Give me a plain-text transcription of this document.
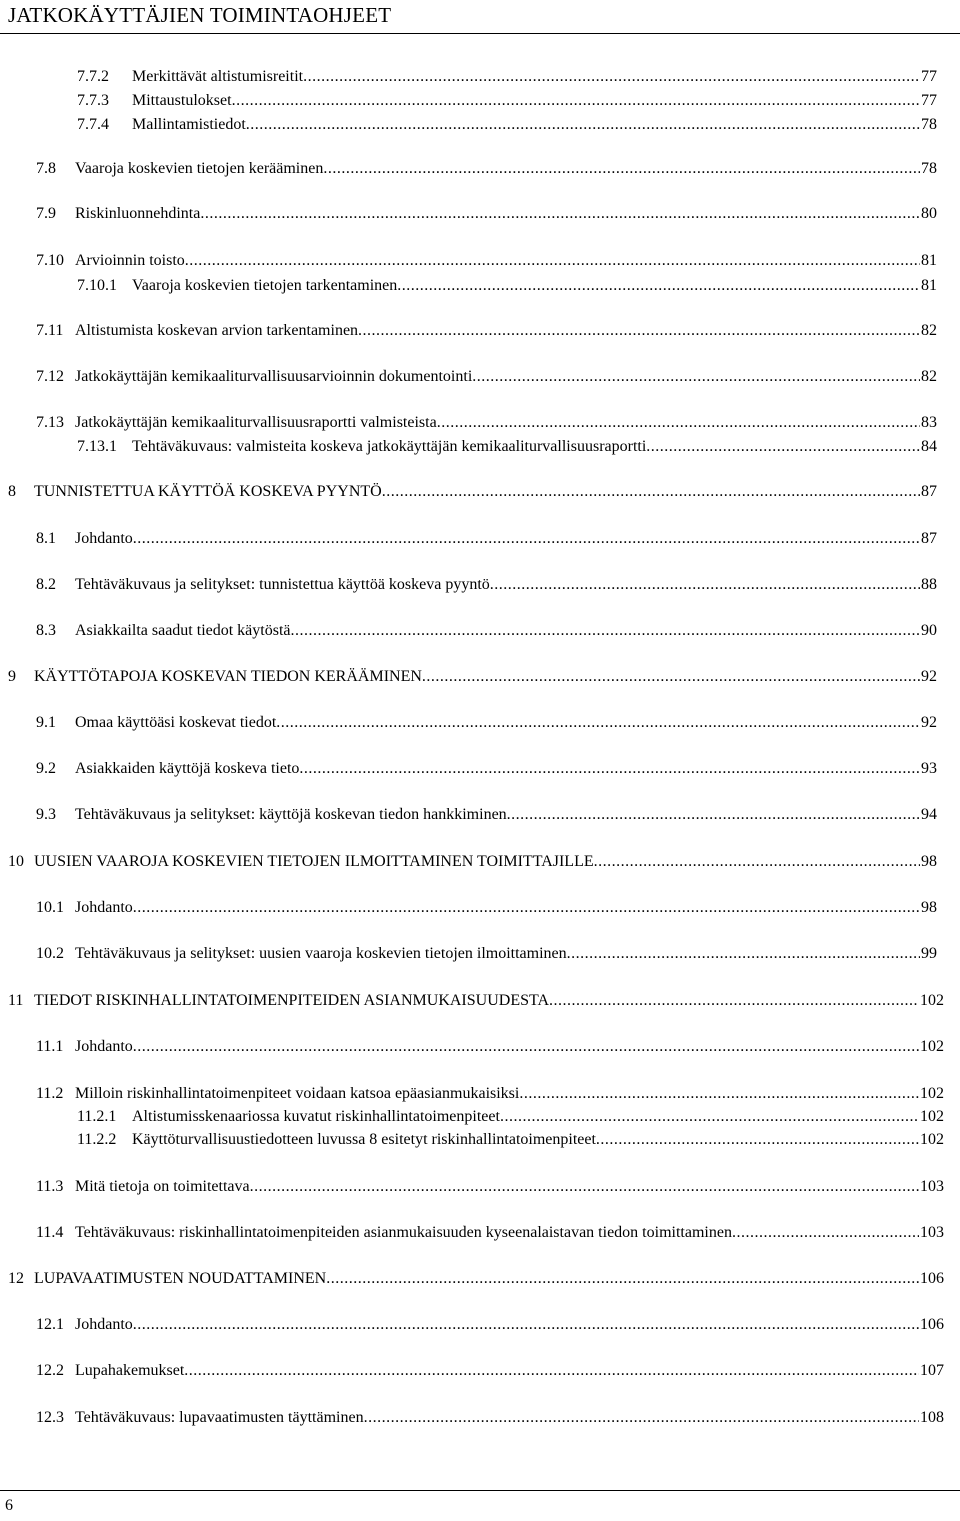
JATKOKÄYTTÄJIEN TOIMINTAOHJEET
7.7.2	Merkittävät altistumisreitit .....	77
7.7.3	Mittaustulokset .....	77
7.7.4	Mallintamistiedot .....	78
7.8	Vaaroja koskevien tietojen kerääminen .....	78
7.9	Riskinluonnehdinta .....	80
7.10 Arvioinnin toisto .....	81
7.10.1 Vaaroja koskevien tietojen tarkentaminen .....	81
7.11 Altistumista koskevan arvion tarkentaminen .....	82
7.12 Jatkokäyttäjän kemikaaliturvallisuusarvioinnin dokumentointi .....	82
7.13 Jatkokäyttäjän kemikaaliturvallisuusraportti valmisteista .....	83
7.13.1 Tehtäväkuvaus: valmisteita koskeva jatkokäyttäjän kemikaaliturvallisuusraportti .....	84
8	TUNNISTETTUA KÄYTTÖÄ KOSKEVA PYYNTÖ .....	87
8.1	Johdanto .....	87
8.2	Tehtäväkuvaus ja selitykset: tunnistettua käyttöä koskeva pyyntö .....	88
8.3	Asiakkailta saadut tiedot käytöstä .....	90
9	KÄYTTÖTAPOJA KOSKEVAN TIEDON KERÄÄMINEN .....	92
9.1	Omaa käyttöäsi koskevat tiedot .....	92
9.2	Asiakkaiden käyttöjä koskeva tieto .....	93
9.3	Tehtäväkuvaus ja selitykset: käyttöjä koskevan tiedon hankkiminen .....	94
10 UUSIEN VAAROJA KOSKEVIEN TIETOJEN ILMOITTAMINEN TOIMITTAJILLE .....	98
10.1 Johdanto .....	98
10.2 Tehtäväkuvaus ja selitykset: uusien vaaroja koskevien tietojen ilmoittaminen .....	99
11 TIEDOT RISKINHALLINTATOIMENPITEIDEN ASIANMUKAISUUDESTA .....	102
11.1 Johdanto .....	102
11.2 Milloin riskinhallintatoimenpiteet voidaan katsoa epäasianmukaisiksi .....	102
11.2.1 Altistumisskenaariossa kuvatut riskinhallintatoimenpiteet .....	102
11.2.2 Käyttöturvallisuustiedotteen luvussa 8 esitetyt riskinhallintatoimenpiteet .....	102
11.3 Mitä tietoja on toimitettava .....	103
11.4 Tehtäväkuvaus: riskinhallintatoimenpiteiden asianmukaisuuden kyseenalaistavan tiedon toimittaminen .....	103
12 LUPAVAATIMUSTEN NOUDATTAMINEN .....	106
12.1 Johdanto .....	106
12.2 Lupahakemukset .....	107
12.3 Tehtäväkuvaus: lupavaatimusten täyttäminen .....	108
6
